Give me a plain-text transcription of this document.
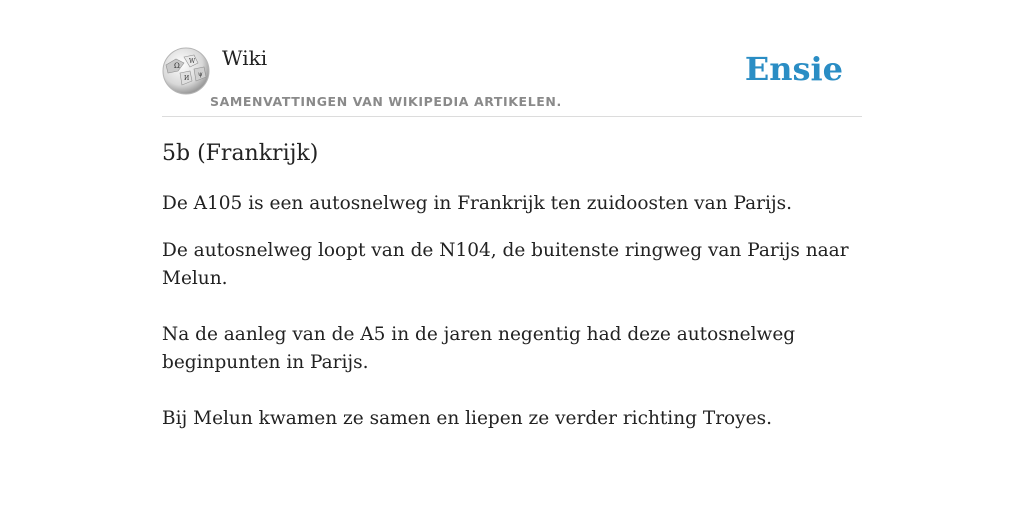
Ω
W
И
ψ
Wiki
SAMENVATTINGEN VAN WIKIPEDIA ARTIKELEN.
Ensie
5b (Frankrijk)

De A105 is een autosnelweg in Frankrijk ten zuidoosten van Parijs.

De autosnelweg loopt van de N104, de buitenste ringweg van Parijs naar Melun.

Na de aanleg van de A5 in de jaren negentig had deze autosnelweg beginpunten in Parijs.

Bij Melun kwamen ze samen en liepen ze verder richting Troyes.
